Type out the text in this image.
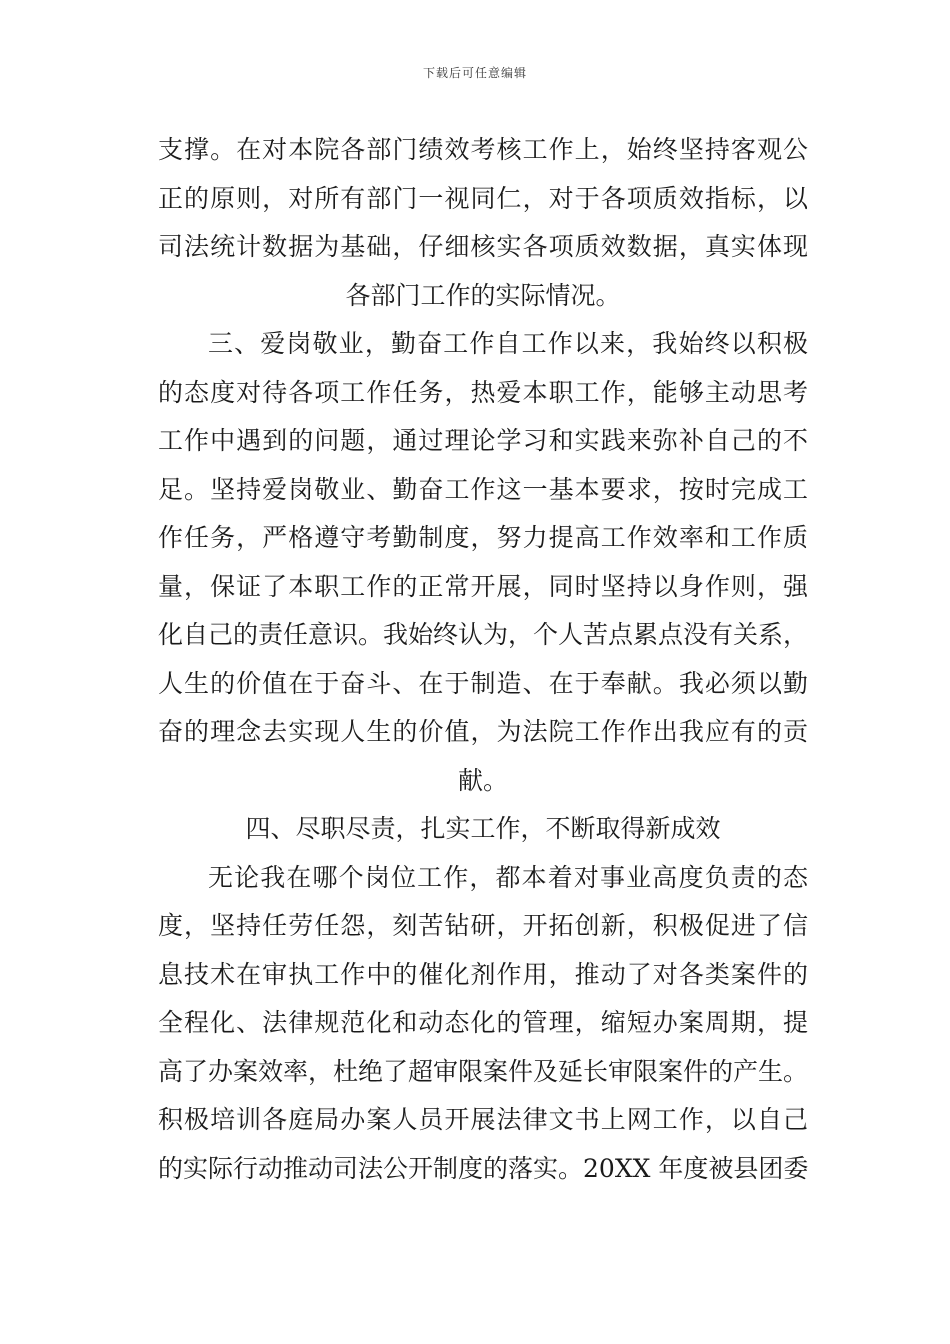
下载后可任意编辑
支撑。在对本院各部门绩效考核工作上，始终坚持客观公
正的原则，对所有部门一视同仁，对于各项质效指标，以
司法统计数据为基础，仔细核实各项质效数据，真实体现
各部门工作的实际情况。
三、爱岗敬业，勤奋工作自工作以来，我始终以积极
的态度对待各项工作任务，热爱本职工作，能够主动思考
工作中遇到的问题，通过理论学习和实践来弥补自己的不
足。坚持爱岗敬业、勤奋工作这一基本要求，按时完成工
作任务，严格遵守考勤制度，努力提高工作效率和工作质
量，保证了本职工作的正常开展，同时坚持以身作则，强
化自己的责任意识。我始终认为，个人苦点累点没有关系，
人生的价值在于奋斗、在于制造、在于奉献。我必须以勤
奋的理念去实现人生的价值，为法院工作作出我应有的贡
献。
四、尽职尽责，扎实工作，不断取得新成效
无论我在哪个岗位工作，都本着对事业高度负责的态
度，坚持任劳任怨，刻苦钻研，开拓创新，积极促进了信
息技术在审执工作中的催化剂作用，推动了对各类案件的
全程化、法律规范化和动态化的管理，缩短办案周期，提
高了办案效率，杜绝了超审限案件及延长审限案件的产生。
积极培训各庭局办案人员开展法律文书上网工作，以自己
的实际行动推动司法公开制度的落实。20XX 年度被县团委
